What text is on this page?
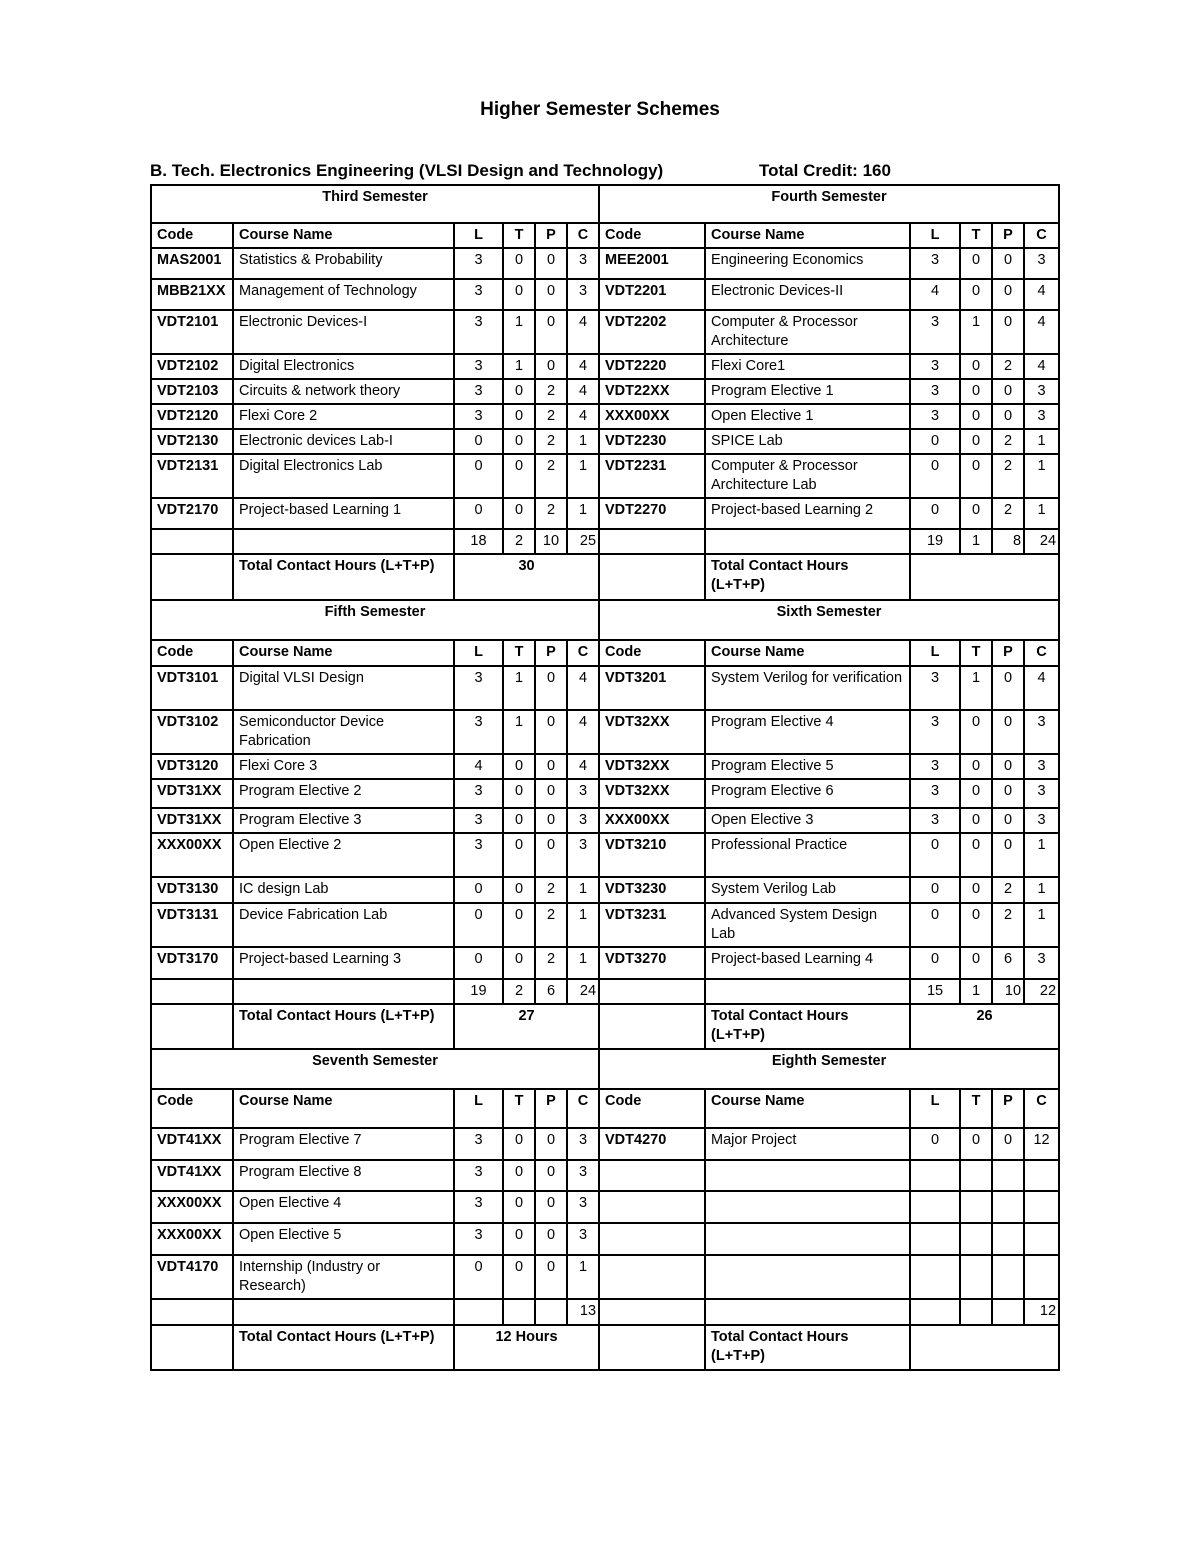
Higher Semester Schemes
B. Tech. Electronics Engineering (VLSI Design and Technology)	Total Credit: 160
Third Semester						Fourth Semester					
Code	Course Name	L	T	P	C	Code	Course Name	L	T	P	C
MAS2001	Statistics & Probability	3	0	0	3	MEE2001	Engineering Economics	3	0	0	3
MBB21XX	Management of Technology	3	0	0	3	VDT2201	Electronic Devices-II	4	0	0	4
VDT2101	Electronic Devices-I	3	1	0	4	VDT2202	Computer & Processor Architecture	3	1	0	4
VDT2102	Digital Electronics	3	1	0	4	VDT2220	Flexi Core1	3	0	2	4
VDT2103	Circuits & network theory	3	0	2	4	VDT22XX	Program Elective 1	3	0	0	3
VDT2120	Flexi Core 2	3	0	2	4	XXX00XX	Open Elective 1	3	0	0	3
VDT2130	Electronic devices Lab-I	0	0	2	1	VDT2230	SPICE Lab	0	0	2	1
VDT2131	Digital Electronics Lab	0	0	2	1	VDT2231	Computer & Processor Architecture Lab	0	0	2	1
VDT2170	Project-based Learning 1	0	0	2	1	VDT2270	Project-based Learning 2	0	0	2	1
		18	2	10	25			19	1	8	24
	Total Contact Hours (L+T+P)	30					Total Contact Hours (L+T+P)				
Fifth Semester						Sixth Semester					
Code	Course Name	L	T	P	C	Code	Course Name	L	T	P	C
VDT3101	Digital VLSI Design	3	1	0	4	VDT3201	System Verilog for verification	3	1	0	4
VDT3102	Semiconductor Device Fabrication	3	1	0	4	VDT32XX	Program Elective 4	3	0	0	3
VDT3120	Flexi Core 3	4	0	0	4	VDT32XX	Program Elective 5	3	0	0	3
VDT31XX	Program Elective 2	3	0	0	3	VDT32XX	Program Elective 6	3	0	0	3
VDT31XX	Program Elective 3	3	0	0	3	XXX00XX	Open Elective 3	3	0	0	3
XXX00XX	Open Elective 2	3	0	0	3	VDT3210	Professional Practice	0	0	0	1
VDT3130	IC design Lab	0	0	2	1	VDT3230	System Verilog Lab	0	0	2	1
VDT3131	Device Fabrication Lab	0	0	2	1	VDT3231	Advanced System Design Lab	0	0	2	1
VDT3170	Project-based Learning 3	0	0	2	1	VDT3270	Project-based Learning 4	0	0	6	3
		19	2	6	24			15	1	10	22
	Total Contact Hours (L+T+P)	27					Total Contact Hours (L+T+P)	26			
Seventh Semester						Eighth Semester					
Code	Course Name	L	T	P	C	Code	Course Name	L	T	P	C
VDT41XX	Program Elective 7	3	0	0	3	VDT4270	Major Project	0	0	0	12
VDT41XX	Program Elective 8	3	0	0	3						
XXX00XX	Open Elective 4	3	0	0	3						
XXX00XX	Open Elective 5	3	0	0	3						
VDT4170	Internship (Industry or Research)	0	0	0	1						
					13						12
	Total Contact Hours (L+T+P)	12 Hours					Total Contact Hours (L+T+P)				
